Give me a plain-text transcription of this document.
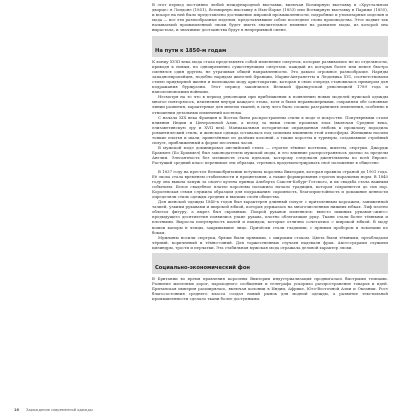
В этот период постоянно любой международной выставки, включая Всемирную выставку в «Хрустальном дворце» в Лондоне (1851), Всемирную выставку в Нью-Йорке (1853) или Всемирную выставку в Париже (1855), и вскоре на ней было представлено достижение мировой промышленности, подробные и утилитарные изделия и мода — все эти разнообразные изделия, представлявшие собою последнее слово производства. Этот подвиг так называемой промышленной эпохи будет иметь значительное влияние на развитие моды, из которой она вырастала, и значимые достоинства будут в непрерывной смене.

На пути к 1850-м годам

К концу XVIII века мода стала представлять собой изменение силуэтов, которые развивались не по отдельности, приводя к новым, но одновременно существующим силуэтам, каждый из которых более или менее быстро сменялся один другим, не утрачивая общей направленности. Это давало огромное разнообразие. Наряды западноевропейцев, подобно нарядам жителей Франции, Марии-Антуанетты и Людовика XVI, соответствовали стилю придворной жизни и воплощали моду аристократии, которая в свою очередь становилась примером для подражания буржуазии. Этот период закончился Великой французской революцией 1789 года и наполеоновскими войнами.

Несмотря на то что в период революции при приближении к появлению новых моделей мужской одежды многое повторялось, изменения внутри каждого этапа, хотя и были неравномерными, сохраняли обе основные линии развития, характерные для многих тканей, в силу чего было сложно разграничить изменения, особенно в отношении детальных изменений костюма.

С начала XIX века Франция и Восток были распространены стили в моде и искусстве. Популярными стали влияния Индии и Центральной Азии, а вслед за ними стили прошлых эпох (включая Средние века, елизаветинскую эру и XVII век). Маниакальная исторически оправданная любовь к прошлому породила романтический стиль, и женская одежда оставалась под сильным влиянием этой атмосферы. Женщины носили тонкие платья и шали, привезённые из далёких колоний, а также корсеты и турнюры, создававшие стройный силуэт, приближенный к форме песочных часов.

В мужской моде доминировал английский стиль — строгие тёмные костюмы, жилеты, сюртуки. Джордж Браммел (Бо Браммел) был законодателем мужской моды, и его влияние распространялось далеко за пределы Англии. Элегантность без излишеств стала идеалом, которому следовали джентльмены по всей Европе. Растущий средний класс перенимал эти образцы, стремясь продемонстрировать своё положение в обществе.

В 1837 году на престол Великобритании вступила королева Виктория, которая правила страной до 1901 года. Её эпоха стала временем стабильности и процветания, а также формирования строгих моральных норм. В 1840 году она вышла замуж за своего кузена принца Альберта Саксен-Кобург-Готского, и их свадьба стала важным событием. Белое свадебное платье королевы положило начало традиции, которая сохраняется до сих пор. Королевская семья служила образцом для подражания: скромность, благопристойность и домашние ценности определяли стиль одежды средних и высших слоёв общества.

Для женской одежды 1840-х годов был характерен длинный силуэт с приталенным корсажем, заниженной талией, узкими рукавами и широкой юбкой, которая держалась на многочисленных нижних юбках. Лиф плотно облегал фигуру, а вырез был скромным. Покрой рукавов изменился: вместо пышных рукавов-«жиго» предыдущего десятилетия появились узкие рукава, плотно облегающие руку. Ткани стали более тёмными и плотными. Выросла популярность шалей и накидок, которые отлично сочетались с широкой юбкой. В моду вошли капоры и чепцы, закрывавшие лицо. Причёски стали гладкими, с прямым пробором и локонами по бокам.

Мужчины носили сюртуки, брюки были прямыми, с широким стоком. Цвета были тёмными, преобладали чёрный, коричневый и тёмно-синий. Для торжественных случаев надевали фрак. Аксессуарами служили цилиндры, трости и перчатки. Эта стабильная мужская мода отражала деловой характер эпохи.

Социально-экономический фон

В Британии во время правления королевы Виктории индустриализация продвигалась быстрыми темпами. Развитие железных дорог, пароходного сообщения и телеграфа ускорило распространение товаров и идей. Британская империя расширялась, включая колонии в Индии, Африке, Юго-Восточной Азии и Океании. Рост благосостояния среднего класса создал новый рынок для модной одежды, а развитие текстильной промышленности сделало ткани более доступными.

16 Зарождение современной одежды
